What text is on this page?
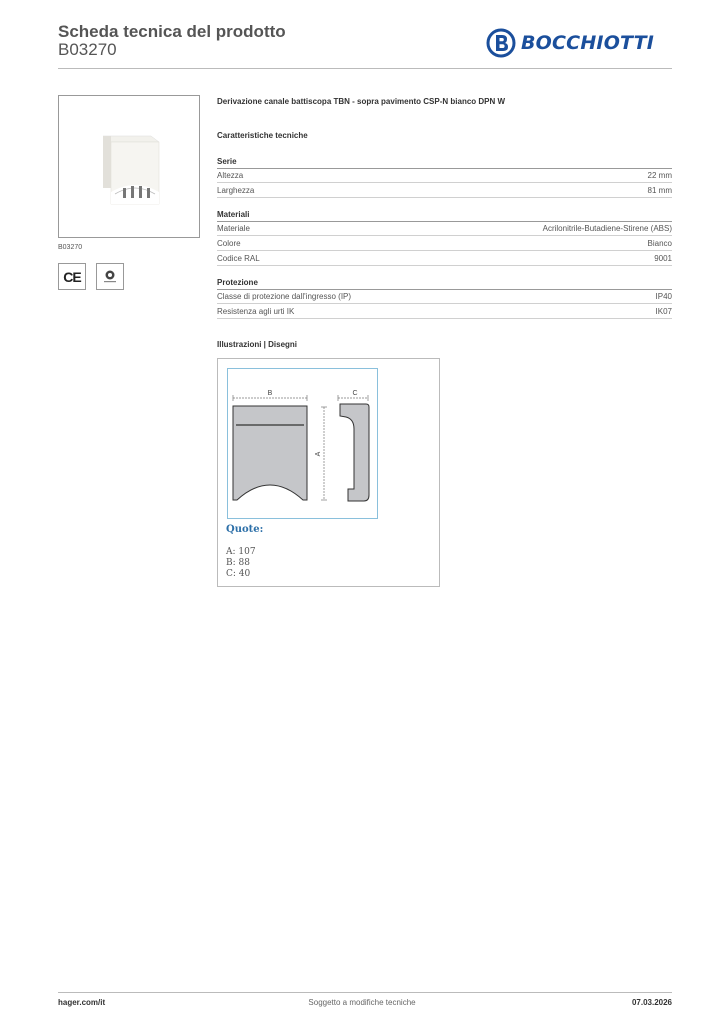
Scheda tecnica del prodotto
B03270	BOCCHIOTTI
B03270
CE
Derivazione canale battiscopa TBN - sopra pavimento CSP-N bianco DPN W
Caratteristiche tecniche
Serie
Altezza	22 mm
Larghezza	81 mm
Materiali
Materiale	Acrilonitrile-Butadiene-Stirene (ABS)
Colore	Bianco
Codice RAL	9001
Protezione
Classe di protezione dall'ingresso (IP)	IP40
Resistenza agli urti IK	IK07
Illustrazioni | Disegni
B	C
A
Quote:
A: 107
B: 88
C: 40
hager.com/it	Soggetto a modifiche tecniche	07.03.2026
